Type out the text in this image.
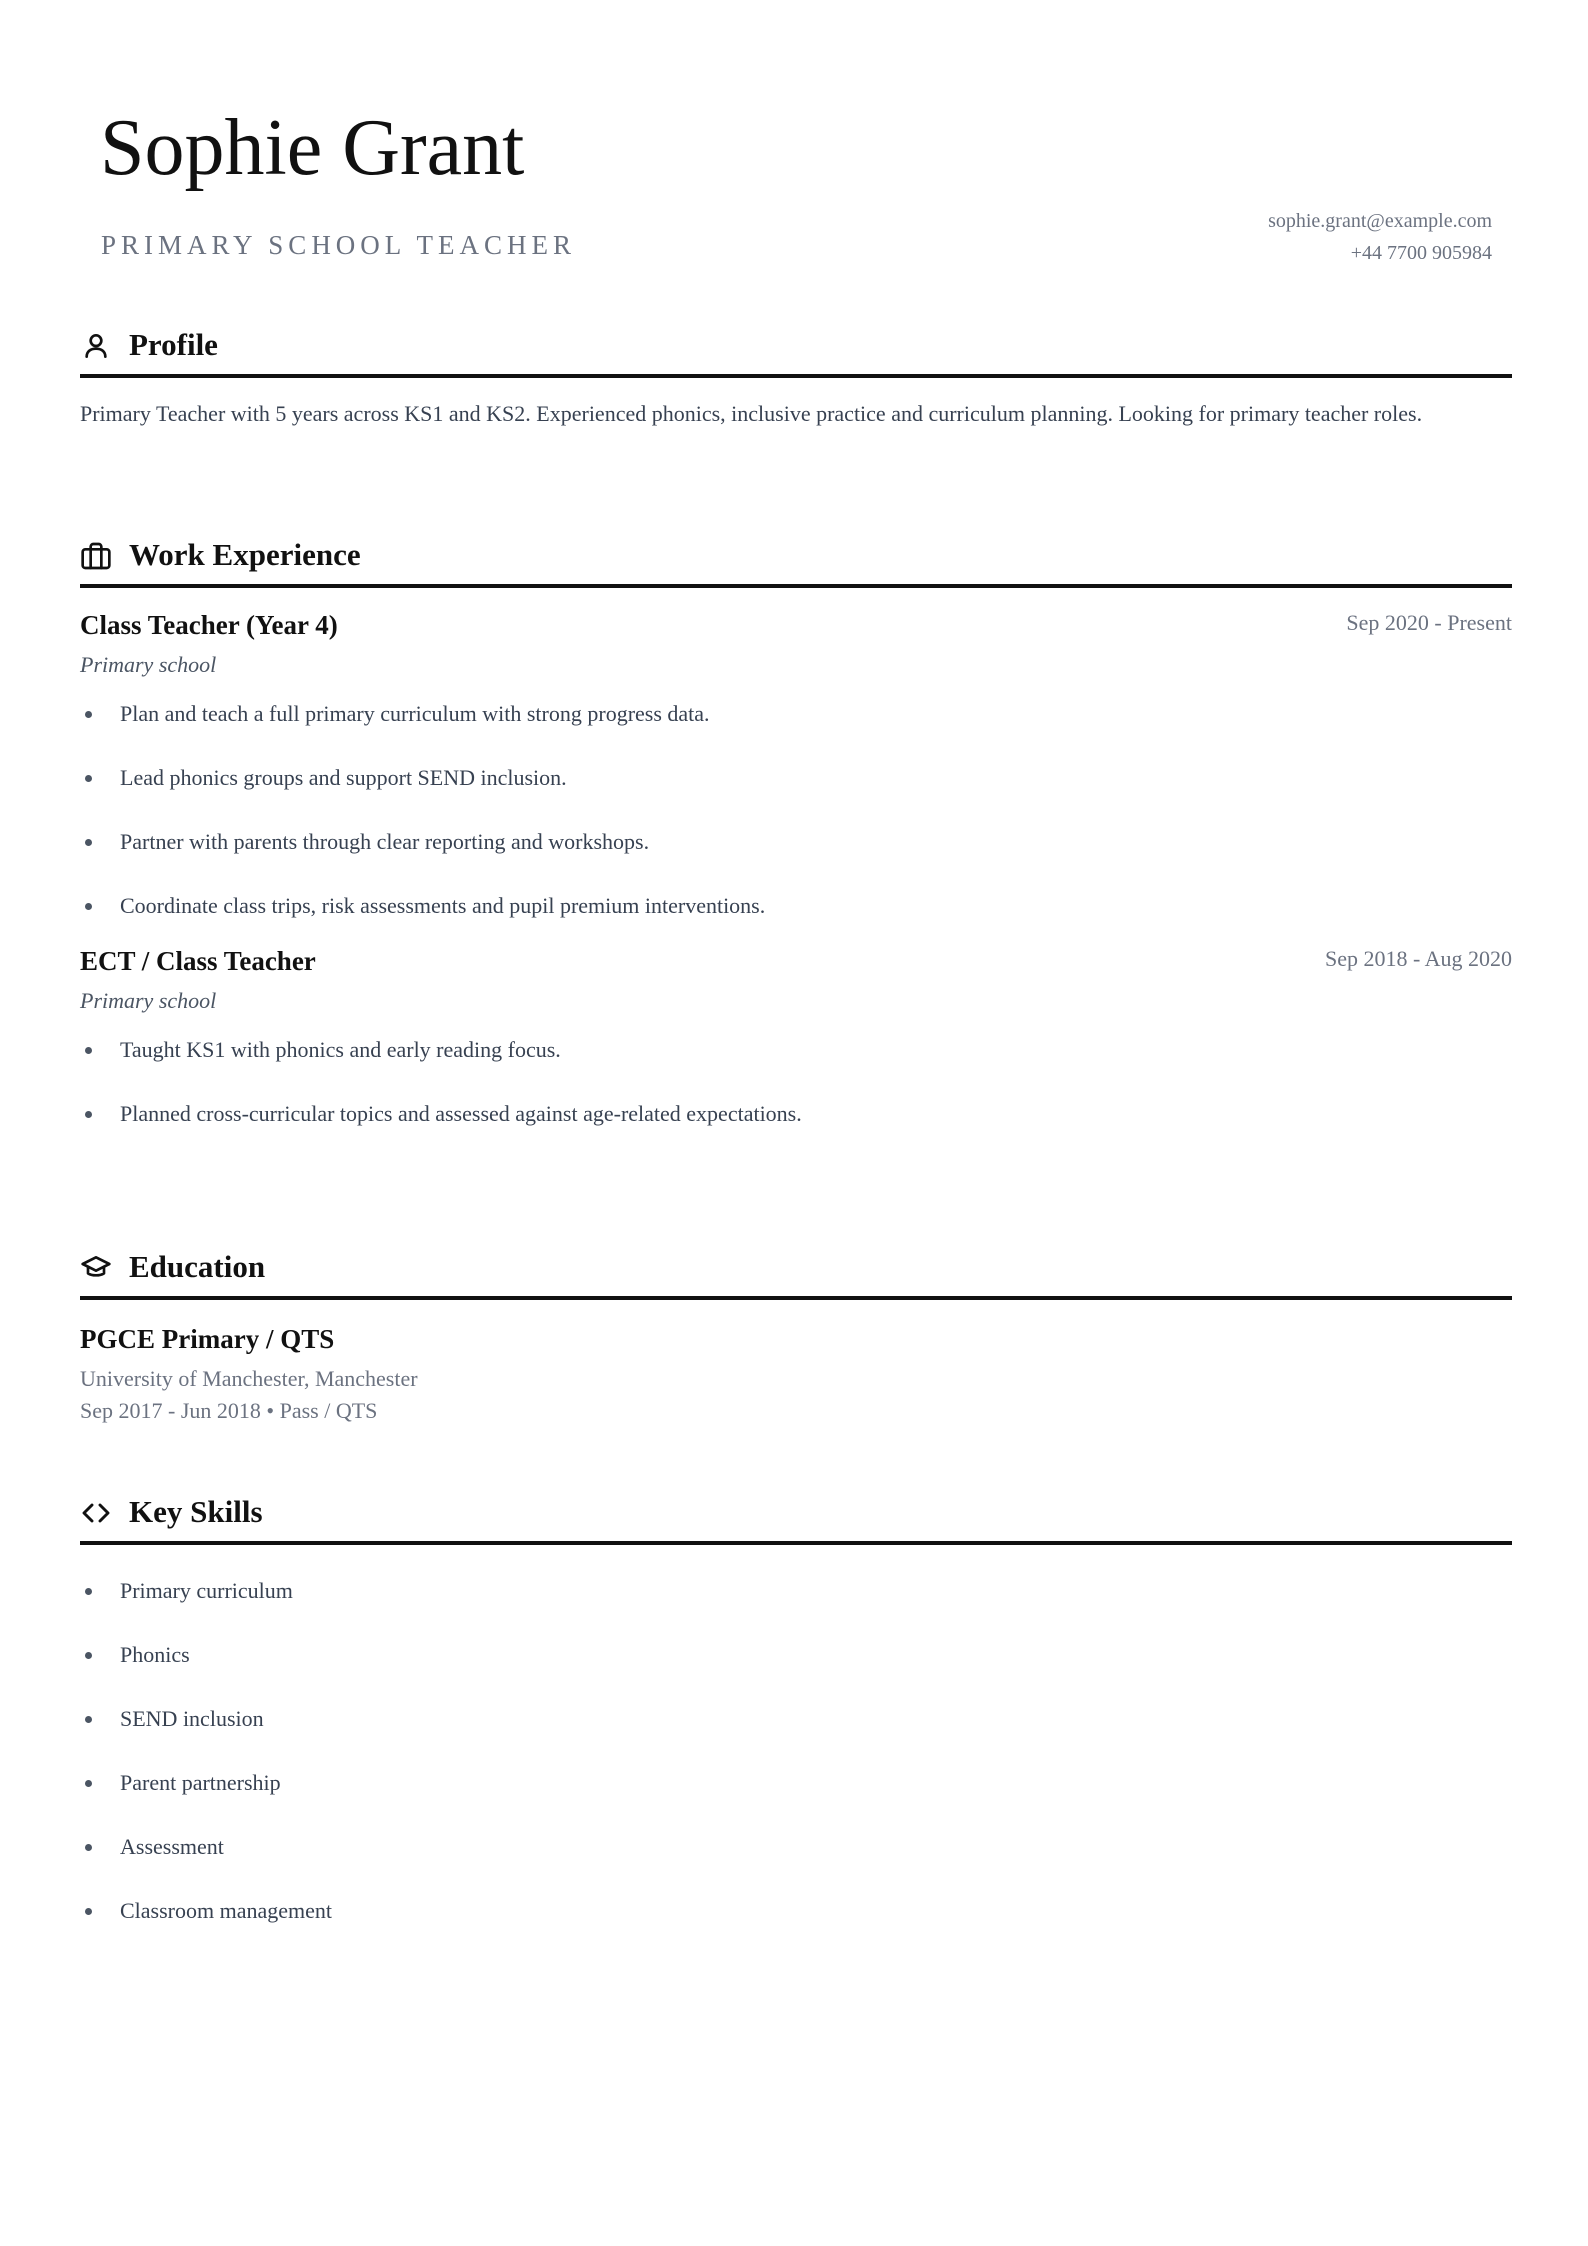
Sophie Grant
PRIMARY SCHOOL TEACHER
sophie.grant@example.com
+44 7700 905984
Profile
Primary Teacher with 5 years across KS1 and KS2. Experienced phonics, inclusive practice and curriculum planning. Looking for primary teacher roles.
Work Experience
Class Teacher (Year 4)	Sep 2020 - Present
Primary school
Plan and teach a full primary curriculum with strong progress data.
Lead phonics groups and support SEND inclusion.
Partner with parents through clear reporting and workshops.
Coordinate class trips, risk assessments and pupil premium interventions.
ECT / Class Teacher	Sep 2018 - Aug 2020
Primary school
Taught KS1 with phonics and early reading focus.
Planned cross-curricular topics and assessed against age-related expectations.
Education
PGCE Primary / QTS
University of Manchester, Manchester
Sep 2017 - Jun 2018 • Pass / QTS
Key Skills
Primary curriculum
Phonics
SEND inclusion
Parent partnership
Assessment
Classroom management
